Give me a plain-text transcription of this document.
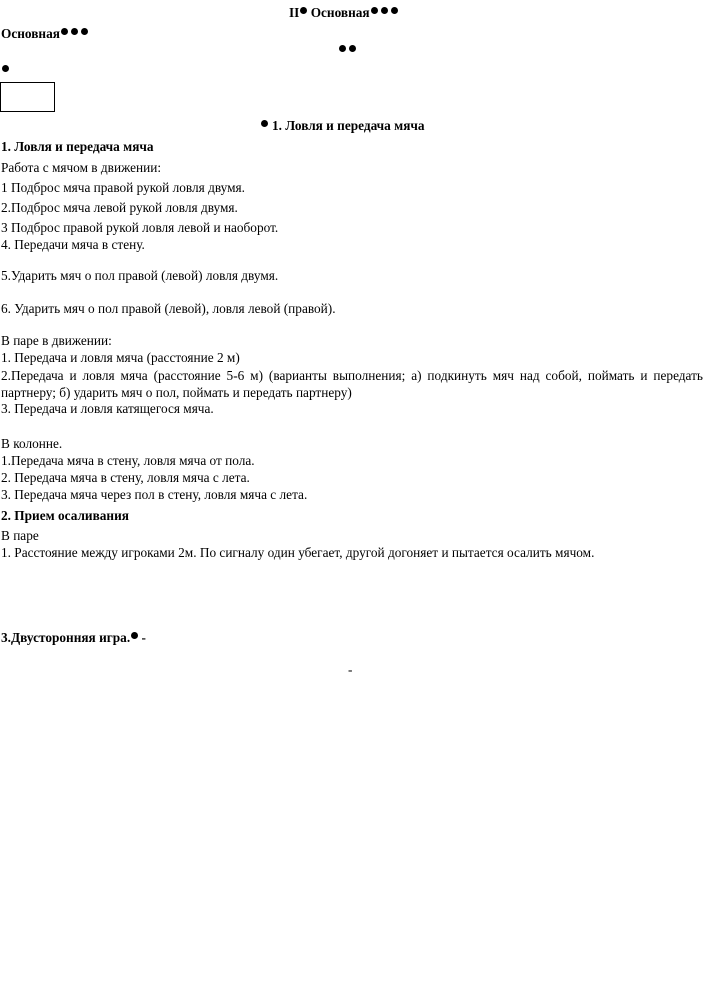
II Основная
Основная
1. Ловля и передача мяча
1. Ловля и передача мяча
Работа с мячом в движении:
1 Подброс мяча правой рукой ловля двумя.
2.Подброс мяча левой рукой ловля двумя.
3 Подброс правой рукой ловля левой и наоборот.
4. Передачи мяча в стену.
5.Ударить мяч о пол правой (левой) ловля двумя.
6. Ударить мяч о пол правой (левой), ловля левой (правой).
В паре в движении:
1. Передача и ловля мяча (расстояние 2 м)
2.Передача и ловля мяча (расстояние 5-6 м) (варианты выполнения; а) подкинуть мяч над собой, поймать и передать партнеру; б) ударить мяч о пол, поймать и передать партнеру)
3. Передача и ловля катящегося мяча.
В колонне.
1.Передача мяча в стену, ловля мяча от пола.
2. Передача мяча в стену, ловля мяча с лета.
3. Передача мяча через пол в стену, ловля мяча с лета.
2. Прием осаливания
В паре
1. Расстояние между игроками 2м. По сигналу один убегает, другой догоняет и пытается осалить мячом.
3.Двусторонняя игра. -
-
